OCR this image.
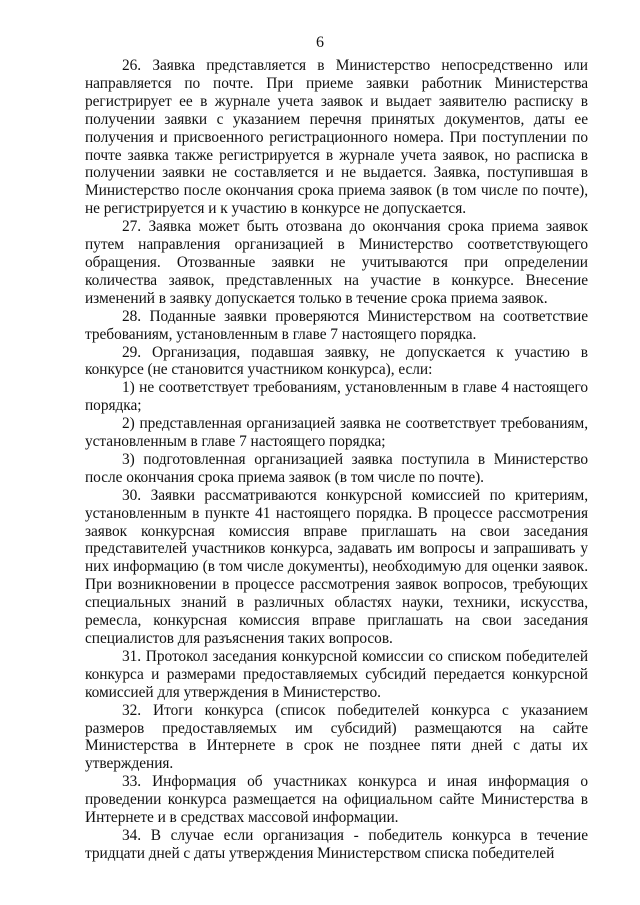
6

26. Заявка представляется в Министерство непосредственно или направляется по почте. При приеме заявки работник Министерства регистрирует ее в журнале учета заявок и выдает заявителю расписку в получении заявки с указанием перечня принятых документов, даты ее получения и присвоенного регистрационного номера. При поступлении по почте заявка также регистрируется в журнале учета заявок, но расписка в получении заявки не составляется и не выдается. Заявка, поступившая в Министерство после окончания срока приема заявок (в том числе по почте), не регистрируется и к участию в конкурсе не допускается.

27. Заявка может быть отозвана до окончания срока приема заявок путем направления организацией в Министерство соответствующего обращения. Отозванные заявки не учитываются при определении количества заявок, представленных на участие в конкурсе. Внесение изменений в заявку допускается только в течение срока приема заявок.

28. Поданные заявки проверяются Министерством на соответствие требованиям, установленным в главе 7 настоящего порядка.

29. Организация, подавшая заявку, не допускается к участию в конкурсе (не становится участником конкурса), если:

1) не соответствует требованиям, установленным в главе 4 настоящего порядка;

2) представленная организацией заявка не соответствует требованиям, установленным в главе 7 настоящего порядка;

3) подготовленная организацией заявка поступила в Министерство после окончания срока приема заявок (в том числе по почте).

30. Заявки рассматриваются конкурсной комиссией по критериям, установленным в пункте 41 настоящего порядка. В процессе рассмотрения заявок конкурсная комиссия вправе приглашать на свои заседания представителей участников конкурса, задавать им вопросы и запрашивать у них информацию (в том числе документы), необходимую для оценки заявок. При возникновении в процессе рассмотрения заявок вопросов, требующих специальных знаний в различных областях науки, техники, искусства, ремесла, конкурсная комиссия вправе приглашать на свои заседания специалистов для разъяснения таких вопросов.

31. Протокол заседания конкурсной комиссии со списком победителей конкурса и размерами предоставляемых субсидий передается конкурсной комиссией для утверждения в Министерство.

32. Итоги конкурса (список победителей конкурса с указанием размеров предоставляемых им субсидий) размещаются на сайте Министерства в Интернете в срок не позднее пяти дней с даты их утверждения.

33. Информация об участниках конкурса и иная информация о проведении конкурса размещается на официальном сайте Министерства в Интернете и в средствах массовой информации.

34. В случае если организация - победитель конкурса в течение тридцати дней с даты утверждения Министерством списка победителей
